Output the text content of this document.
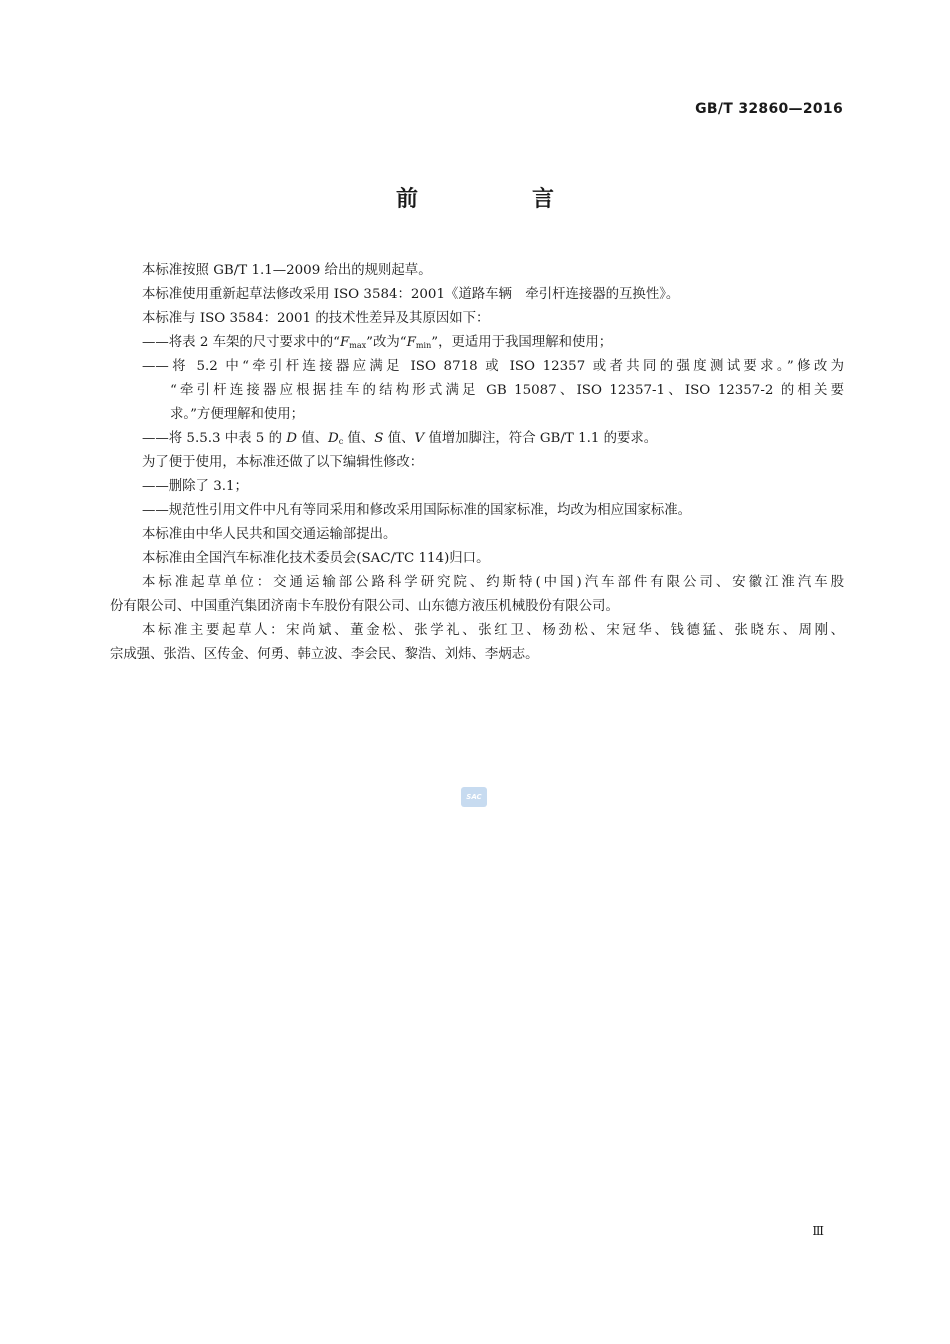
GB/T 32860—2016
前　言
本标准按照 GB/T 1.1—2009 给出的规则起草。
本标准使用重新起草法修改采用 ISO 3584：2001《道路车辆　牵引杆连接器的互换性》。
本标准与 ISO 3584：2001 的技术性差异及其原因如下：
——将表 2 车架的尺寸要求中的“$F_{max}$”改为“$F_{min}$”，更适用于我国理解和使用；
——将 5.2 中“牵引杆连接器应满足 ISO 8718 或 ISO 12357 或者共同的强度测试要求。”修改为
“牵引杆连接器应根据挂车的结构形式满足 GB 15087、ISO 12357-1、ISO 12357-2 的相关要
求。”方便理解和使用；
——将 5.5.3 中表 5 的 D 值、$D_c$ 值、S 值、V 值增加脚注，符合 GB/T 1.1 的要求。
为了便于使用，本标准还做了以下编辑性修改：
——删除了 3.1；
——规范性引用文件中凡有等同采用和修改采用国际标准的国家标准，均改为相应国家标准。
本标准由中华人民共和国交通运输部提出。
本标准由全国汽车标准化技术委员会(SAC/TC 114)归口。
本标准起草单位：交通运输部公路科学研究院、约斯特(中国)汽车部件有限公司、安徽江淮汽车股
份有限公司、中国重汽集团济南卡车股份有限公司、山东德方液压机械股份有限公司。
本标准主要起草人：宋尚斌、董金松、张学礼、张红卫、杨劲松、宋冠华、钱德猛、张晓东、周刚、
宗成强、张浩、区传金、何勇、韩立波、李会民、黎浩、刘炜、李炳志。
SAC
Ⅲ
